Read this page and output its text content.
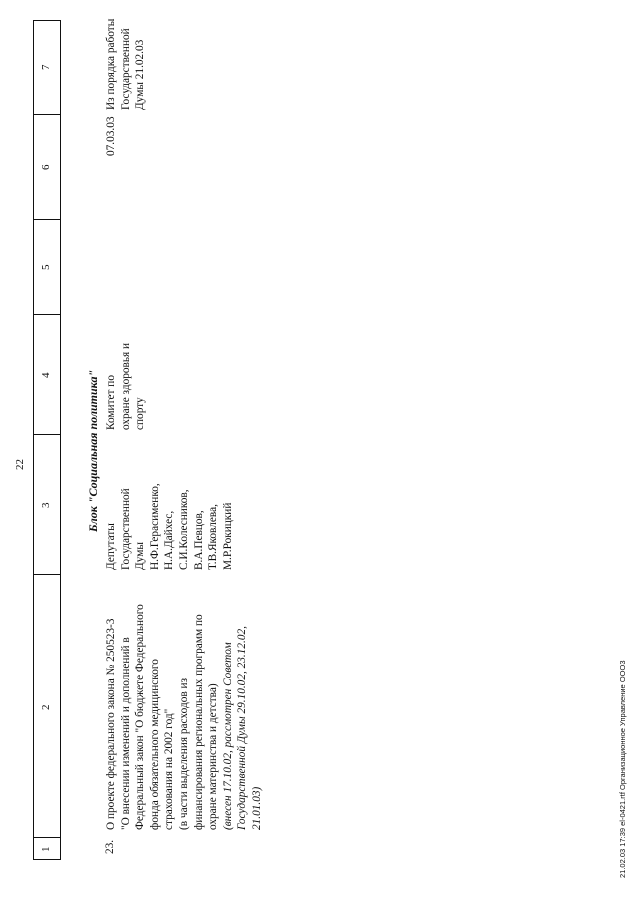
22
1
2
3
4
5
6
7
Блок "Социальная политика"
23.
О проекте федерального закона № 250523-3 "О внесении изменений и дополнений в Федеральный закон "О бюджете Федерального фонда обязательного медицинского страхования на 2002 год" (в части выделения расходов из финансирования региональных программ по охране материнства и детства) (внесен 17.10.02, рассмотрен Советом Государственной Думы 29.10.02, 23.12.02, 21.01.03)
Депутаты Государственной Думы Н.Ф.Герасименко, Н.А.Дайхес, С.И.Колесников, В.А.Певцов, Т.В.Яковлева, М.Р.Рокицкий
Комитет по охране здоровья и спорту
07.03.03
Из порядка работы Государственной Думы 21.02.03
21.02.03 17:39 el-0421.rtf Организационное Управление ООО3
